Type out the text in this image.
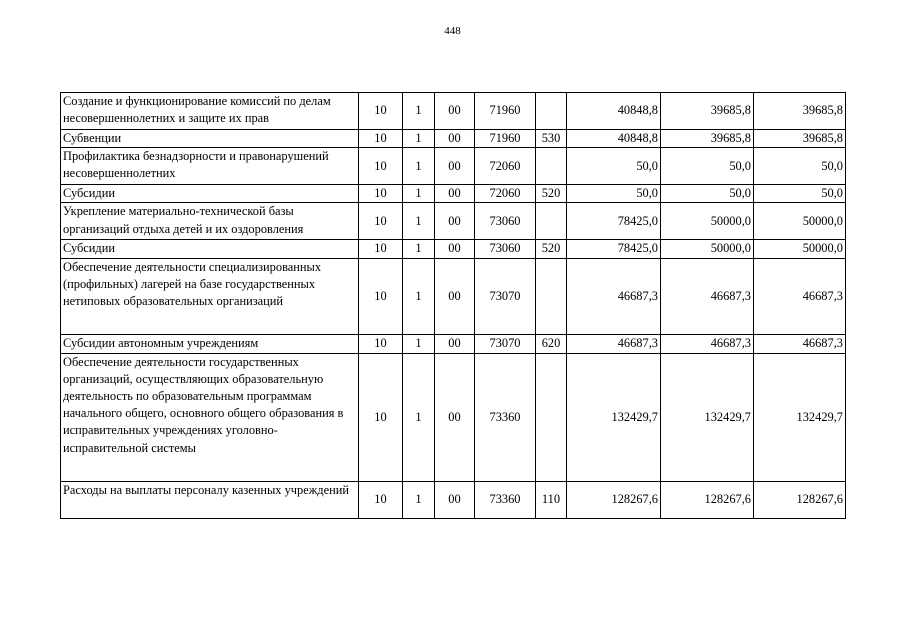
448
Создание и функционирование комиссий по делам несовершеннолетних и защите их прав	10	1	00	71960		40848,8	39685,8	39685,8
Субвенции	10	1	00	71960	530	40848,8	39685,8	39685,8
Профилактика безнадзорности и правонарушений несовершеннолетних	10	1	00	72060		50,0	50,0	50,0
Субсидии	10	1	00	72060	520	50,0	50,0	50,0
Укрепление материально-технической базы организаций отдыха детей и их оздоровления	10	1	00	73060		78425,0	50000,0	50000,0
Субсидии	10	1	00	73060	520	78425,0	50000,0	50000,0
Обеспечение деятельности специализированных (профильных) лагерей на базе государственных нетиповых образовательных организаций	10	1	00	73070		46687,3	46687,3	46687,3
Субсидии автономным учреждениям	10	1	00	73070	620	46687,3	46687,3	46687,3
Обеспечение деятельности государственных организаций, осуществляющих образовательную деятельность по образовательным программам начального общего, основного общего образования в исправительных учреждениях уголовно-исправительной системы	10	1	00	73360		132429,7	132429,7	132429,7
Расходы на выплаты персоналу казенных учреждений	10	1	00	73360	110	128267,6	128267,6	128267,6
